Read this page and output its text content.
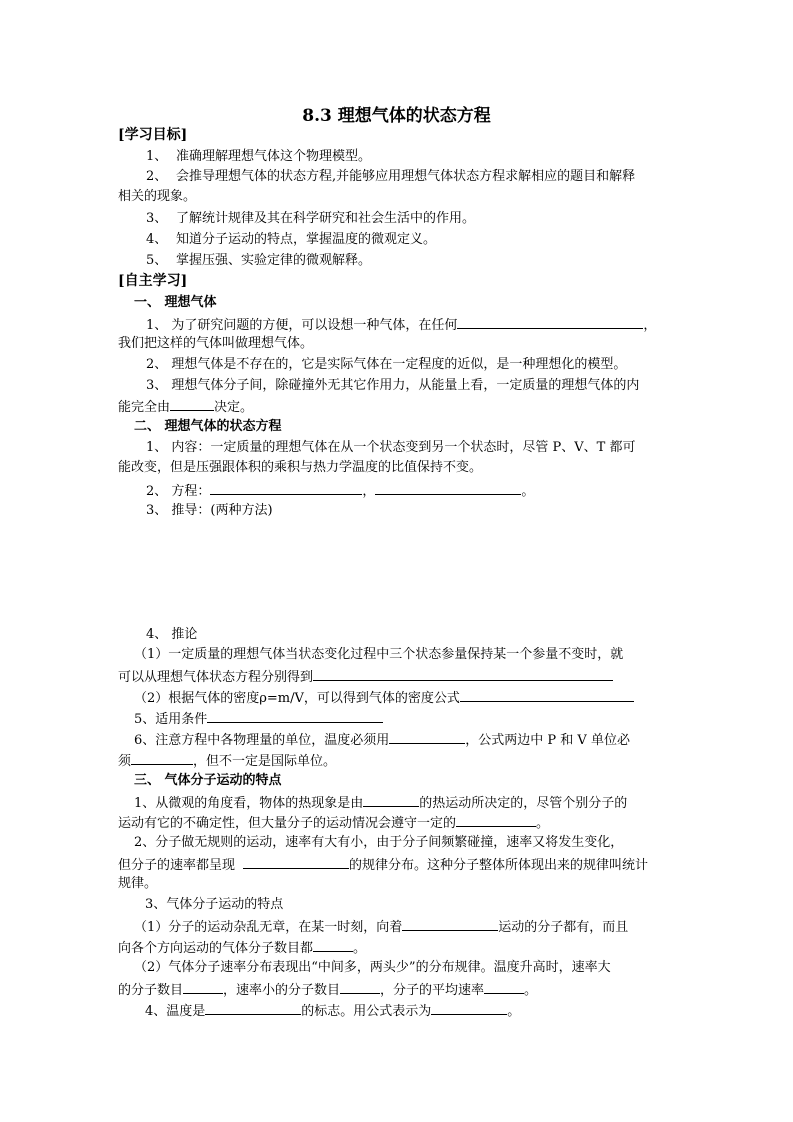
8.3 理想气体的状态方程
[学习目标]
1、 准确理解理想气体这个物理模型。
2、 会推导理想气体的状态方程,并能够应用理想气体状态方程求解相应的题目和解释
相关的现象。
3、 了解统计规律及其在科学研究和社会生活中的作用。
4、 知道分子运动的特点，掌握温度的微观定义。
5、 掌握压强、实验定律的微观解释。
[自主学习]
一、 理想气体
1、 为了研究问题的方便，可以设想一种气体，在任何	，
我们把这样的气体叫做理想气体。
2、 理想气体是不存在的，它是实际气体在一定程度的近似，是一种理想化的模型。
3、 理想气体分子间，除碰撞外无其它作用力，从能量上看，一定质量的理想气体的内
能完全由	决定。
二、 理想气体的状态方程
1、 内容：一定质量的理想气体在从一个状态变到另一个状态时，尽管 P、V、T 都可
能改变，但是压强跟体积的乘积与热力学温度的比值保持不变。
2、 方程：	，	。
3、 推导：(两种方法)
4、 推论
（1）一定质量的理想气体当状态变化过程中三个状态参量保持某一个参量不变时，就
可以从理想气体状态方程分别得到
（2）根据气体的密度ρ=m/V，可以得到气体的密度公式
5、适用条件
6、注意方程中各物理量的单位，温度必须用	，公式两边中 P 和 V 单位必
须	，但不一定是国际单位。
三、 气体分子运动的特点
1、从微观的角度看，物体的热现象是由	的热运动所决定的，尽管个别分子的
运动有它的不确定性，但大量分子的运动情况会遵守一定的	。
2、分子做无规则的运动，速率有大有小，由于分子间频繁碰撞，速率又将发生变化，
但分子的速率都呈现	的规律分布。这种分子整体所体现出来的规律叫统计
规律。
3、气体分子运动的特点
（1）分子的运动杂乱无章，在某一时刻，向着	运动的分子都有，而且
向各个方向运动的气体分子数目都	。
（2）气体分子速率分布表现出“中间多，两头少”的分布规律。温度升高时，速率大
的分子数目	，速率小的分子数目	，分子的平均速率	。
4、温度是	的标志。用公式表示为	。
